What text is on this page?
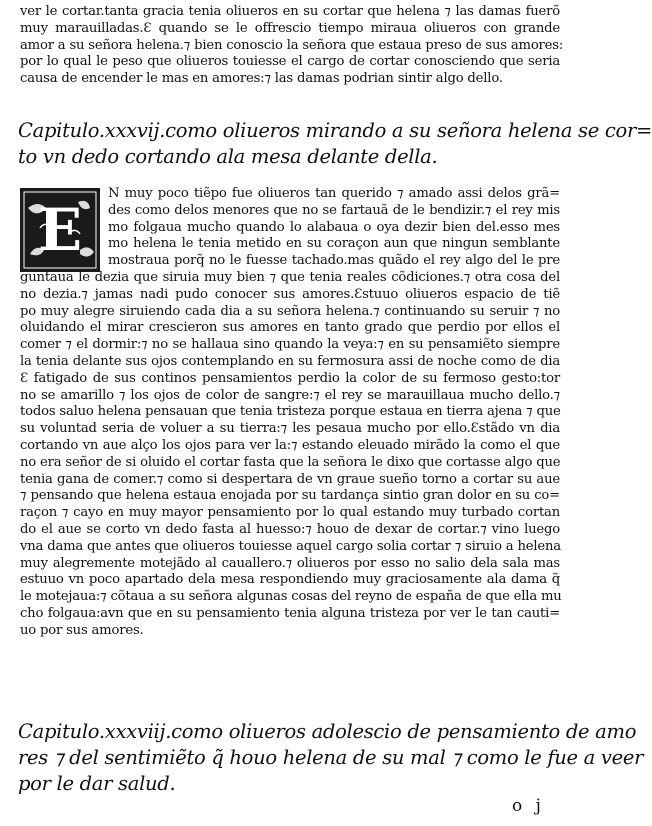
ver le cortar.tanta gracia tenia oliueros en su cortar que helena ⁊ las damas fuerõ
muy marauilladas.Ɛ quando se le offrescio tiempo miraua oliueros con grande
amor a su señora helena.⁊ bien conoscio la señora que estaua preso de sus amores:
por lo qual le peso que oliueros touiesse el cargo de cortar conosciendo que seria
causa de encender le mas en amores:⁊ las damas podrian sintir algo dello.
Capitulo.xxxvij.como oliueros mirando a su señora helena se cor=
to vn dedo cortando ala mesa delante della.
E
N muy poco tiẽpo fue oliueros tan querido ⁊ amado assi delos grã=
des como delos menores que no se fartauã de le bendizir.⁊ el rey mis
mo folgaua mucho quando lo alabaua o oya dezir bien del.esso mes
mo helena le tenia metido en su coraçon aun que ningun semblante
mostraua porq̃ no le fuesse tachado.mas quãdo el rey algo del le pre
guntaua le dezia que siruia muy bien ⁊ que tenia reales cõdiciones.⁊ otra cosa del
no dezia.⁊ jamas nadi pudo conocer sus amores.Ɛstuuo oliueros espacio de tiẽ
po muy alegre siruiendo cada dia a su señora helena.⁊ continuando su seruir ⁊ no
oluidando el mirar crescieron sus amores en tanto grado que perdio por ellos el
comer ⁊ el dormir:⁊ no se hallaua sino quando la veya:⁊ en su pensamiẽto siempre
la tenia delante sus ojos contemplando en su fermosura assi de noche como de dia
Ɛ fatigado de sus continos pensamientos perdio la color de su fermoso gesto:tor
no se amarillo ⁊ los ojos de color de sangre:⁊ el rey se marauillaua mucho dello.⁊
todos saluo helena pensauan que tenia tristeza porque estaua en tierra ajena ⁊ que
su voluntad seria de voluer a su tierra:⁊ les pesaua mucho por ello.Ɛstãdo vn dia
cortando vn aue alço los ojos para ver la:⁊ estando eleuado mirãdo la como el que
no era señor de si oluido el cortar fasta que la señora le dixo que cortasse algo que
tenia gana de comer.⁊ como si despertara de vn graue sueño torno a cortar su aue
⁊ pensando que helena estaua enojada por su tardança sintio gran dolor en su co=
raçon ⁊ cayo en muy mayor pensamiento por lo qual estando muy turbado cortan
do el aue se corto vn dedo fasta al huesso:⁊ houo de dexar de cortar.⁊ vino luego
vna dama que antes que oliueros touiesse aquel cargo solia cortar ⁊ siruio a helena
muy alegremente motejãdo al cauallero.⁊ oliueros por esso no salio dela sala mas
estuuo vn poco apartado dela mesa respondiendo muy graciosamente ala dama q̃
le motejaua:⁊ cõtaua a su señora algunas cosas del reyno de españa de que ella mu
cho folgaua:avn que en su pensamiento tenia alguna tristeza por ver le tan cauti=
uo por sus amores.
Capitulo.xxxviij.como oliueros adolescio de pensamiento de amo
res ⁊ del sentimiẽto q̃ houo helena de su mal ⁊ como le fue a veer
por le dar salud.
o j
